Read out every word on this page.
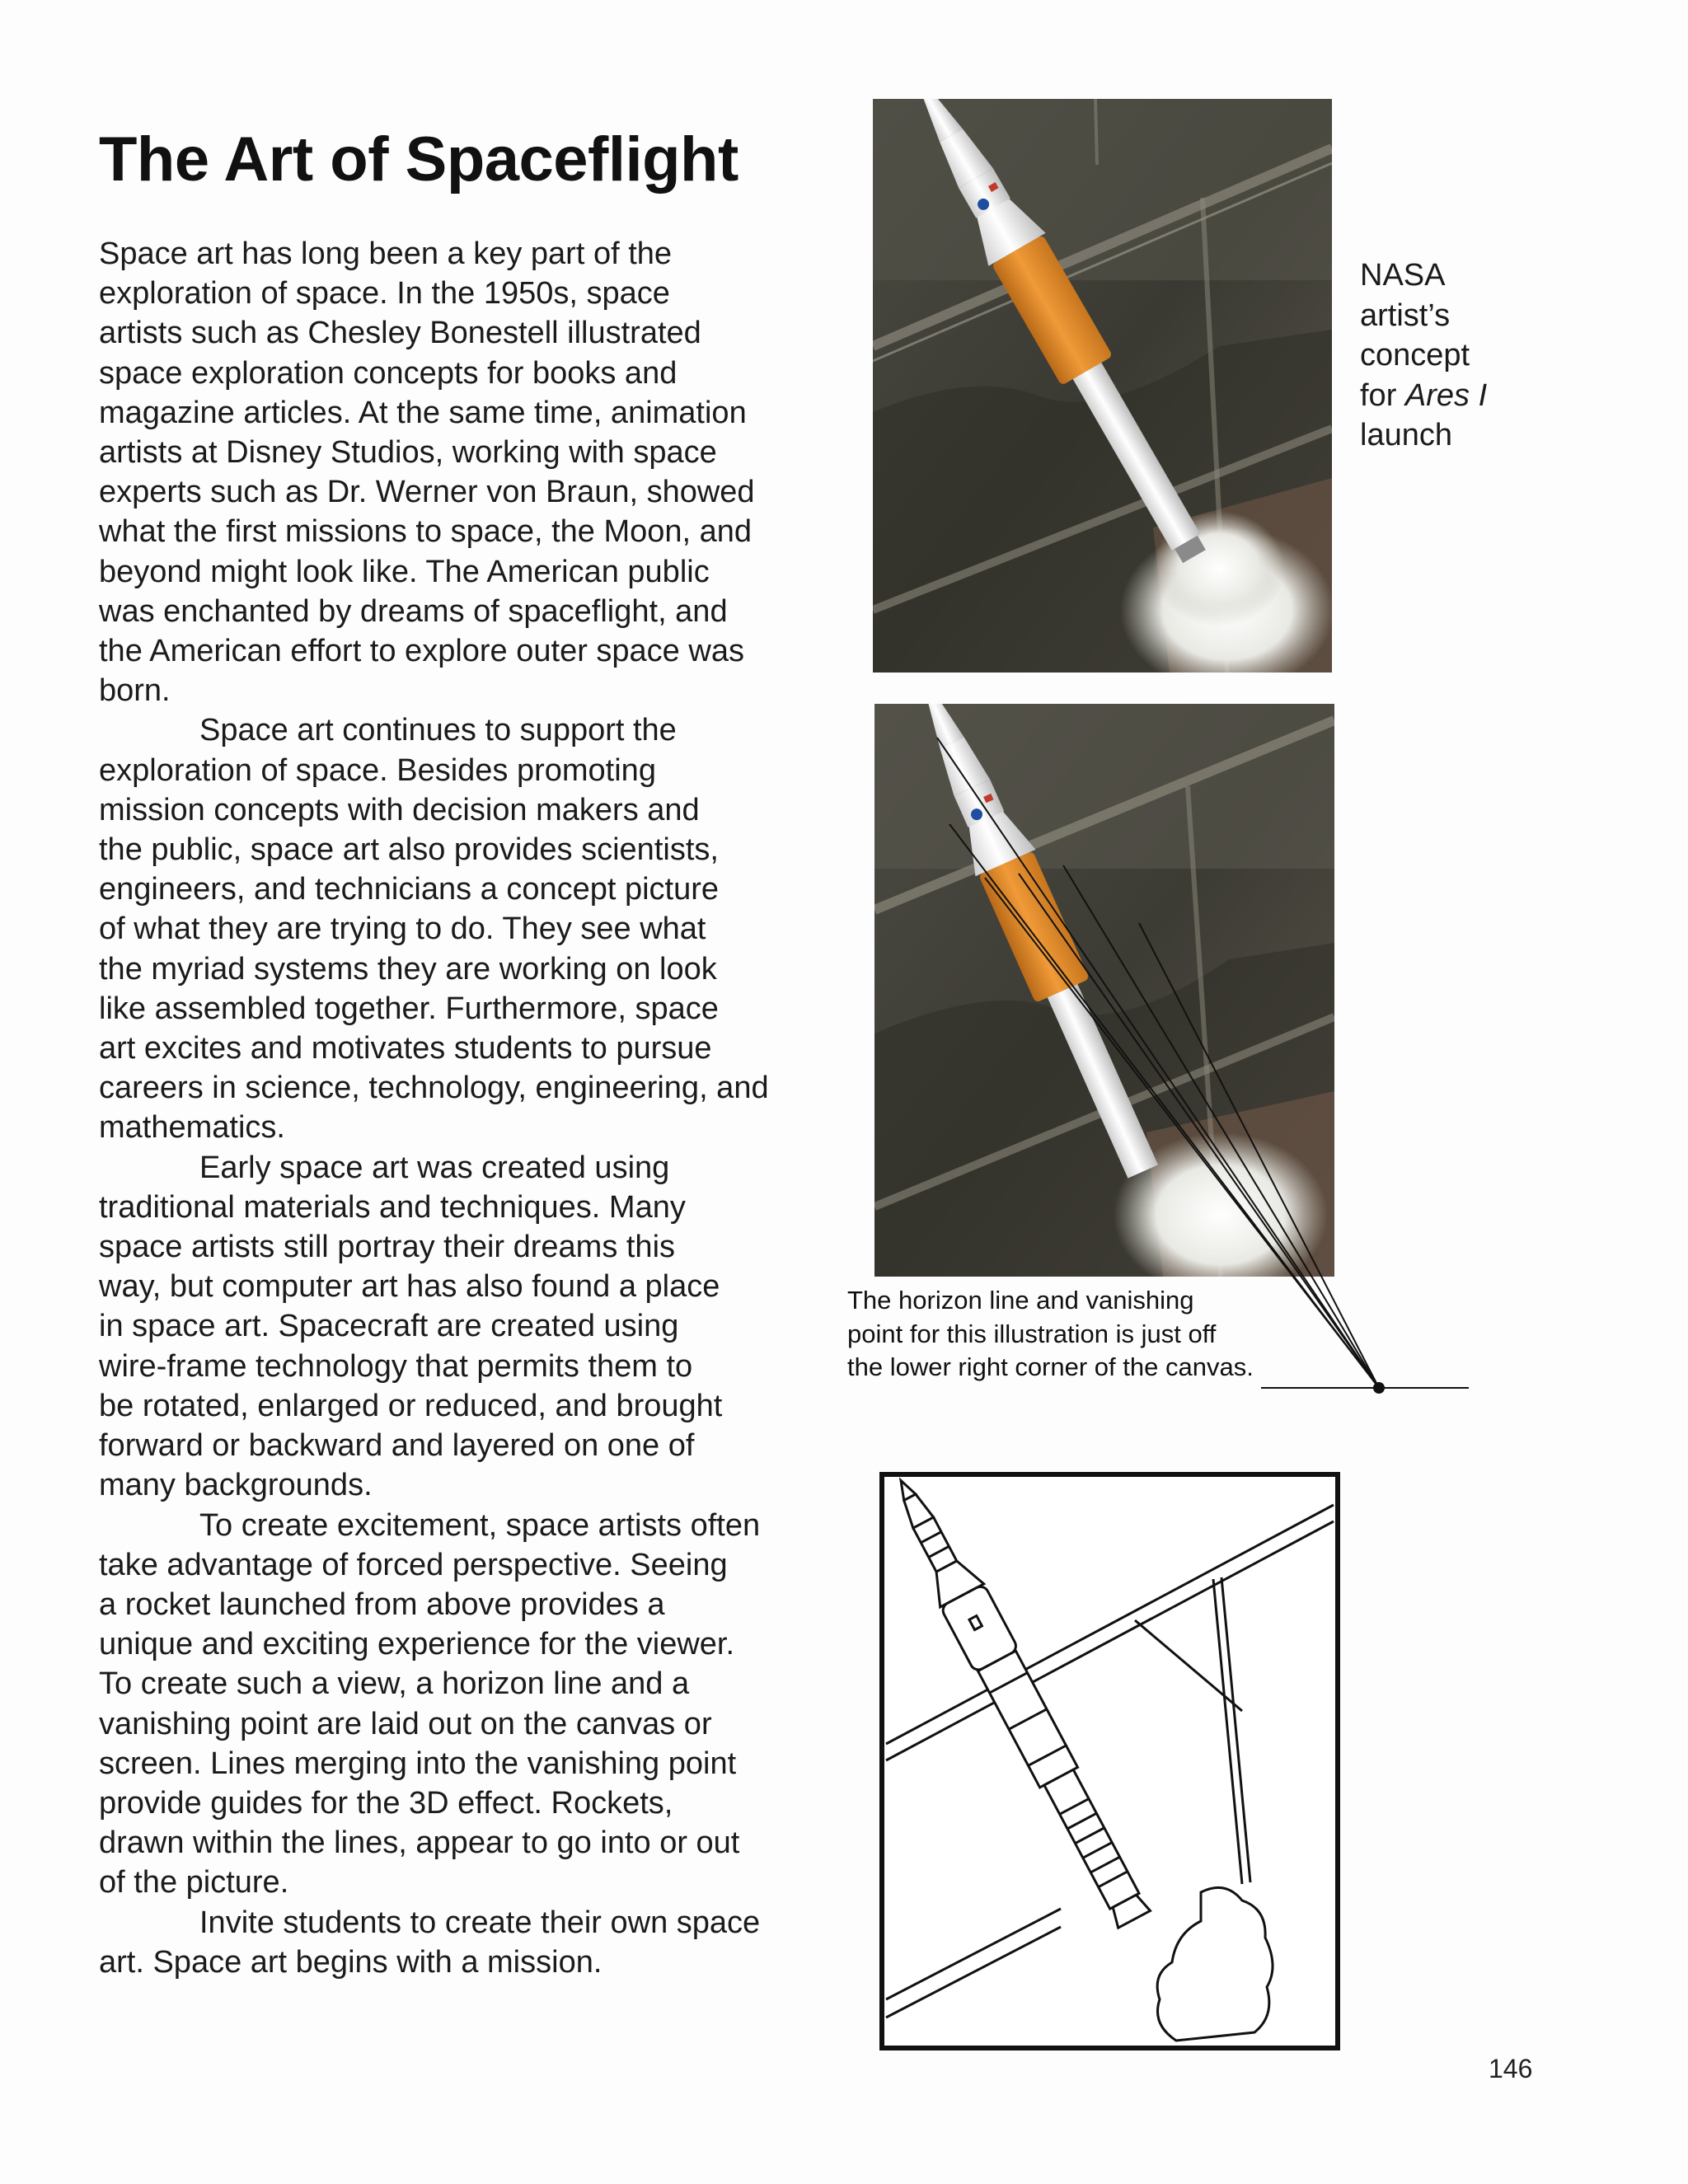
The Art of Spaceflight
Space art has long been a key part of the
exploration of space. In the 1950s, space
artists such as Chesley Bonestell illustrated
space exploration concepts for books and
magazine articles. At the same time, animation
artists at Disney Studios, working with space
experts such as Dr. Werner von Braun, showed
what the first missions to space, the Moon, and
beyond might look like. The American public
was enchanted by dreams of spaceflight, and
the American effort to explore outer space was
born.
Space art continues to support the
exploration of space. Besides promoting
mission concepts with decision makers and
the public, space art also provides scientists,
engineers, and technicians a concept picture
of what they are trying to do. They see what
the myriad systems they are working on look
like assembled together. Furthermore, space
art excites and motivates students to pursue
careers in science, technology, engineering, and
mathematics.
Early space art was created using
traditional materials and techniques. Many
space artists still portray their dreams this
way, but computer art has also found a place
in space art. Spacecraft are created using
wire-frame technology that permits them to
be rotated, enlarged or reduced, and brought
forward or backward and layered on one of
many backgrounds.
To create excitement, space artists often
take advantage of forced perspective. Seeing
a rocket launched from above provides a
unique and exciting experience for the viewer.
To create such a view, a horizon line and a
vanishing point are laid out on the canvas or
screen. Lines merging into the vanishing point
provide guides for the 3D effect. Rockets,
drawn within the lines, appear to go into or out
of the picture.
Invite students to create their own space
art. Space art begins with a mission.
NASA
artist’s
concept
for Ares I
launch
The horizon line and vanishing
point for this illustration is just off
the lower right corner of the canvas.
146
